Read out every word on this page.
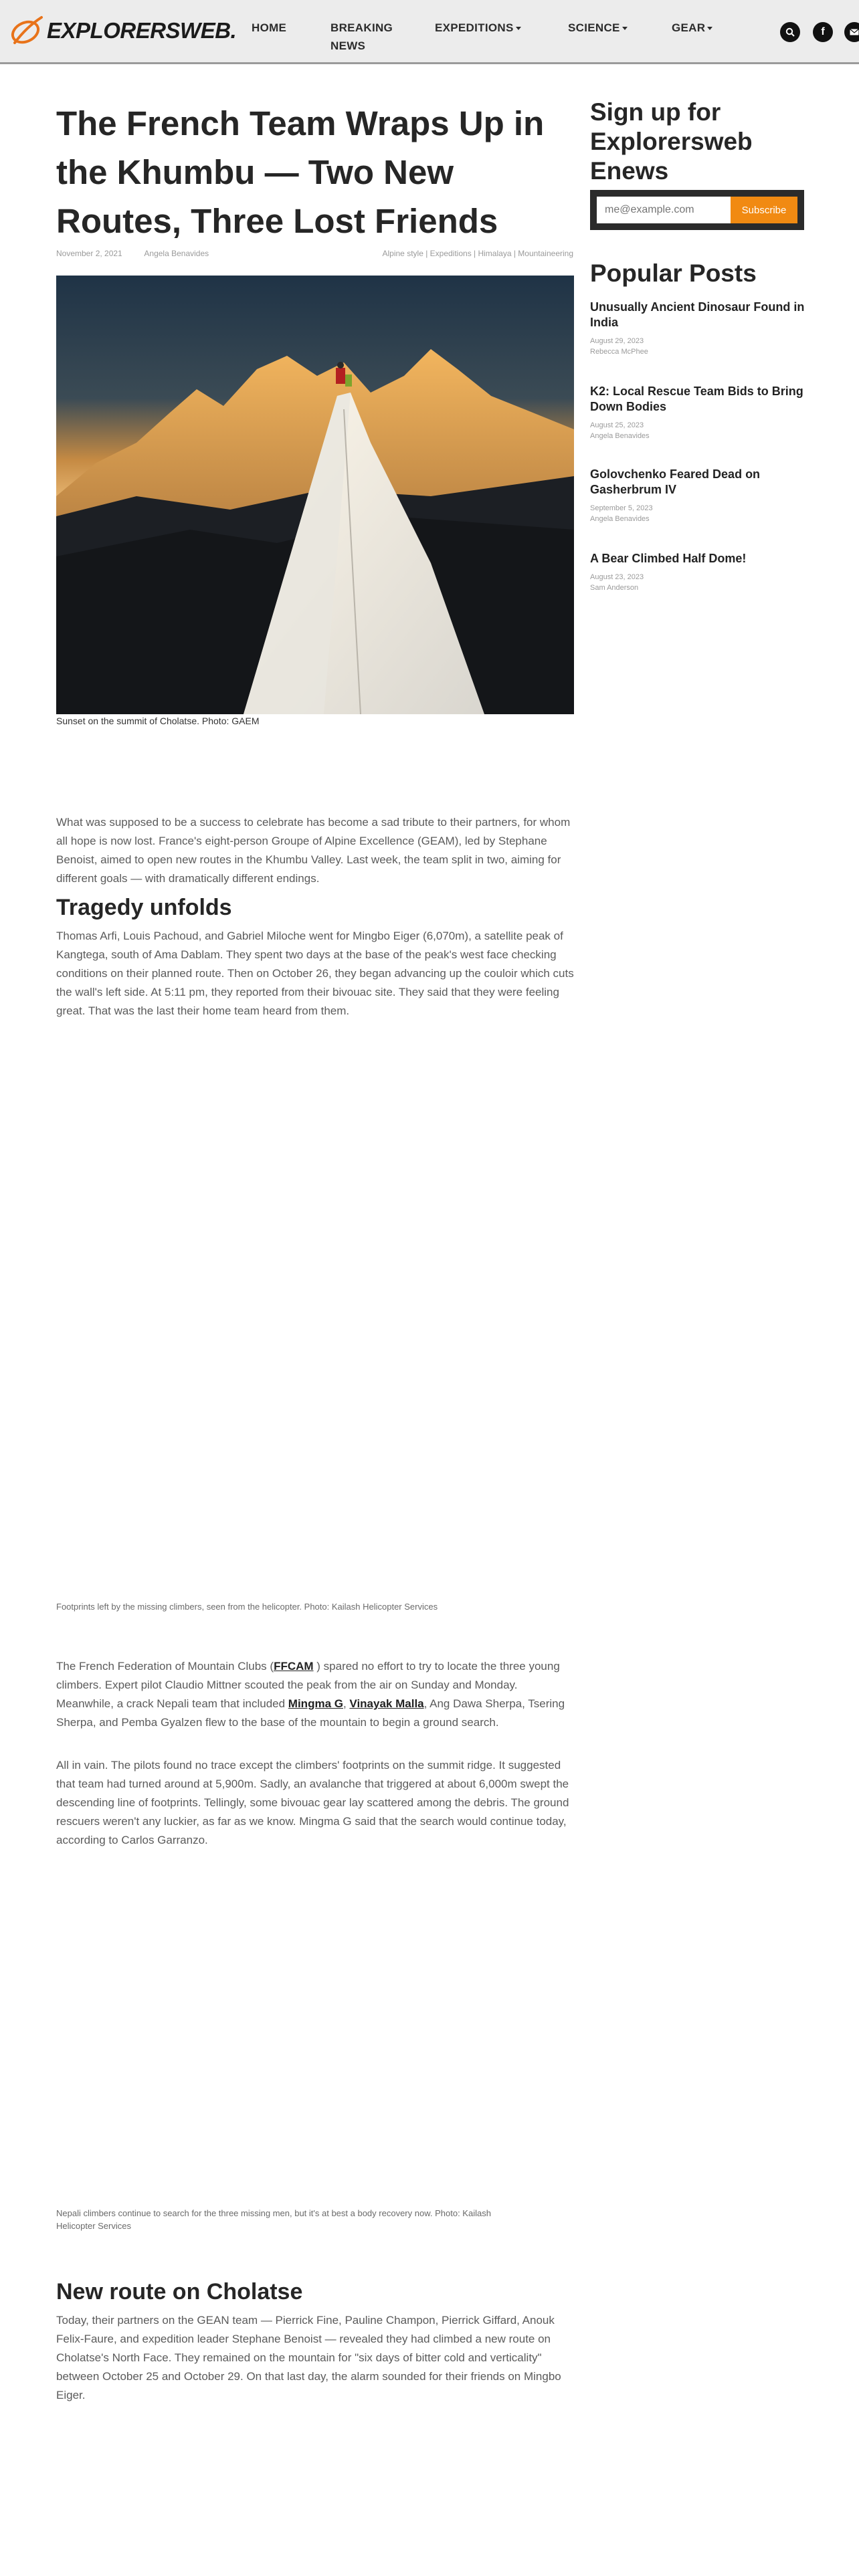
EXPLORERSWEB. HOME	BREAKING NEWS
EXPEDITIONS	SCIENCE	GEAR	f
The French Team Wraps Up in the Khumbu — Two New Routes, Three Lost Friends
November 2, 2021	Angela Benavides	Alpine style | Expeditions | Himalaya | Mountaineering
Sunset on the summit of Cholatse. Photo: GAEM

What was supposed to be a success to celebrate has become a sad tribute to their partners, for whom all hope is now lost. France's eight-person Groupe of Alpine Excellence (GEAM), led by Stephane Benoist, aimed to open new routes in the Khumbu Valley. Last week, the team split in two, aiming for different goals — with dramatically different endings.

Tragedy unfolds

Thomas Arfi, Louis Pachoud, and Gabriel Miloche went for Mingbo Eiger (6,070m), a satellite peak of Kangtega, south of Ama Dablam. They spent two days at the base of the peak's west face checking conditions on their planned route. Then on October 26, they began advancing up the couloir which cuts the wall's left side. At 5:11 pm, they reported from their bivouac site. They said that they were feeling great. That was the last their home team heard from them.

Footprints left by the missing climbers, seen from the helicopter. Photo: Kailash Helicopter Services

The French Federation of Mountain Clubs (FFCAM ) spared no effort to try to locate the three young climbers. Expert pilot Claudio Mittner scouted the peak from the air on Sunday and Monday. Meanwhile, a crack Nepali team that included Mingma G, Vinayak Malla, Ang Dawa Sherpa, Tsering Sherpa, and Pemba Gyalzen flew to the base of the mountain to begin a ground search.

All in vain. The pilots found no trace except the climbers' footprints on the summit ridge. It suggested that team had turned around at 5,900m. Sadly, an avalanche that triggered at about 6,000m swept the descending line of footprints. Tellingly, some bivouac gear lay scattered among the debris. The ground rescuers weren't any luckier, as far as we know. Mingma G said that the search would continue today, according to Carlos Garranzo.

Nepali climbers continue to search for the three missing men, but it's at best a body recovery now. Photo: Kailash Helicopter Services
New route on Cholatse

Today, their partners on the GEAN team — Pierrick Fine, Pauline Champon, Pierrick Giffard, Anouk Felix-Faure, and expedition leader Stephane Benoist — revealed they had climbed a new route on Cholatse's North Face. They remained on the mountain for "six days of bitter cold and verticality" between October 25 and October 29. On that last day, the alarm sounded for their friends on Mingbo Eiger.

Sign up for Explorersweb Enews
me@example.com
Subscribe
Popular Posts
Unusually Ancient Dinosaur Found in India
August 29, 2023
Rebecca McPhee
K2: Local Rescue Team Bids to Bring Down Bodies
August 25, 2023
Angela Benavides
Golovchenko Feared Dead on Gasherbrum IV
September 5, 2023
Angela Benavides
A Bear Climbed Half Dome!
August 23, 2023
Sam Anderson
